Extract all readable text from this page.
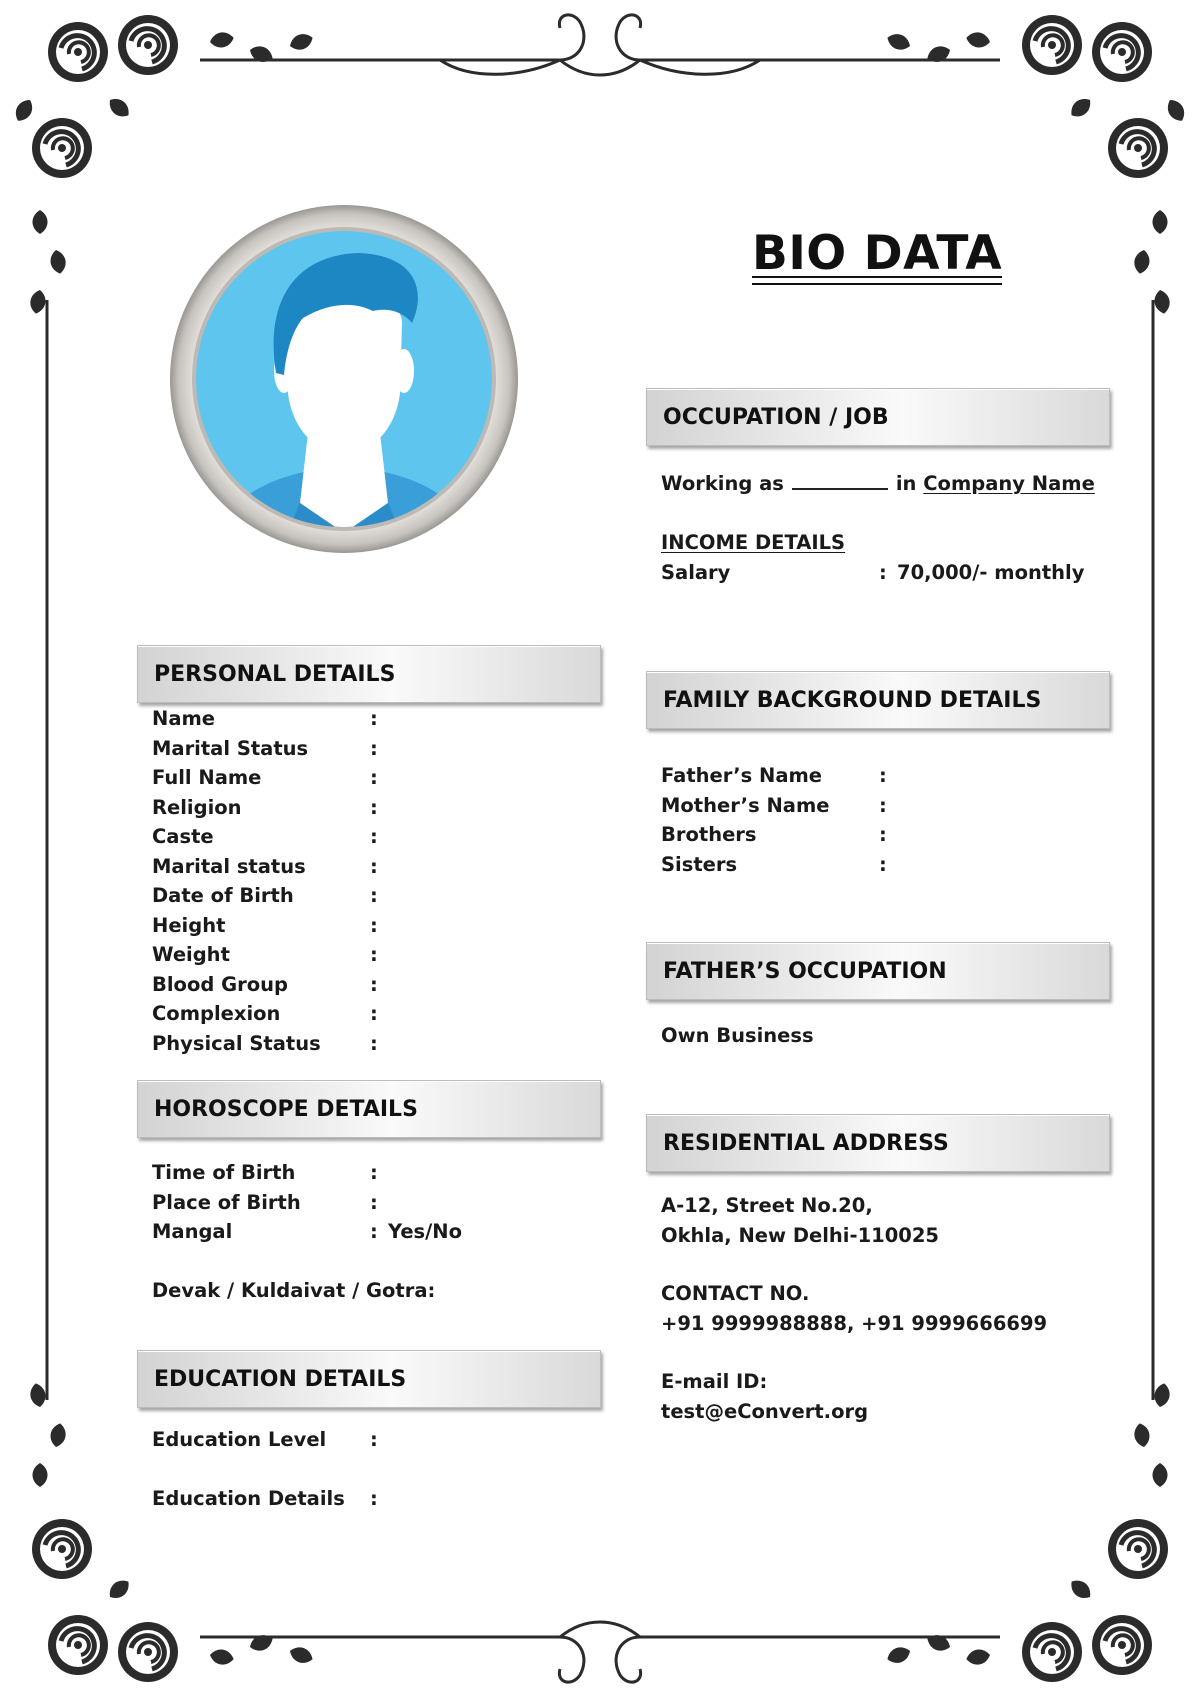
BIO DATA
OCCUPATION / JOB
Working as	in Company Name
INCOME DETAILS
Salary	: 70,000/- monthly
PERSONAL DETAILS
Name	:
Marital Status	:
Full Name	:
Religion	:
Caste	:
Marital status	:
Date of Birth	:
Height	:
Weight	:
Blood Group	:
Complexion	:
Physical Status	:
HOROSCOPE DETAILS
Time of Birth	:
Place of Birth	:
Mangal	: Yes/No
Devak / Kuldaivat / Gotra:
EDUCATION DETAILS
Education Level :
Education Details :
FAMILY BACKGROUND DETAILS
Father’s Name	:
Mother’s Name	:
Brothers	:
Sisters	:
FATHER’S OCCUPATION
Own Business
RESIDENTIAL ADDRESS
A-12, Street No.20,
Okhla, New Delhi-110025
CONTACT NO.
+91 9999988888, +91 9999666699
E-mail ID:
test@eConvert.org
